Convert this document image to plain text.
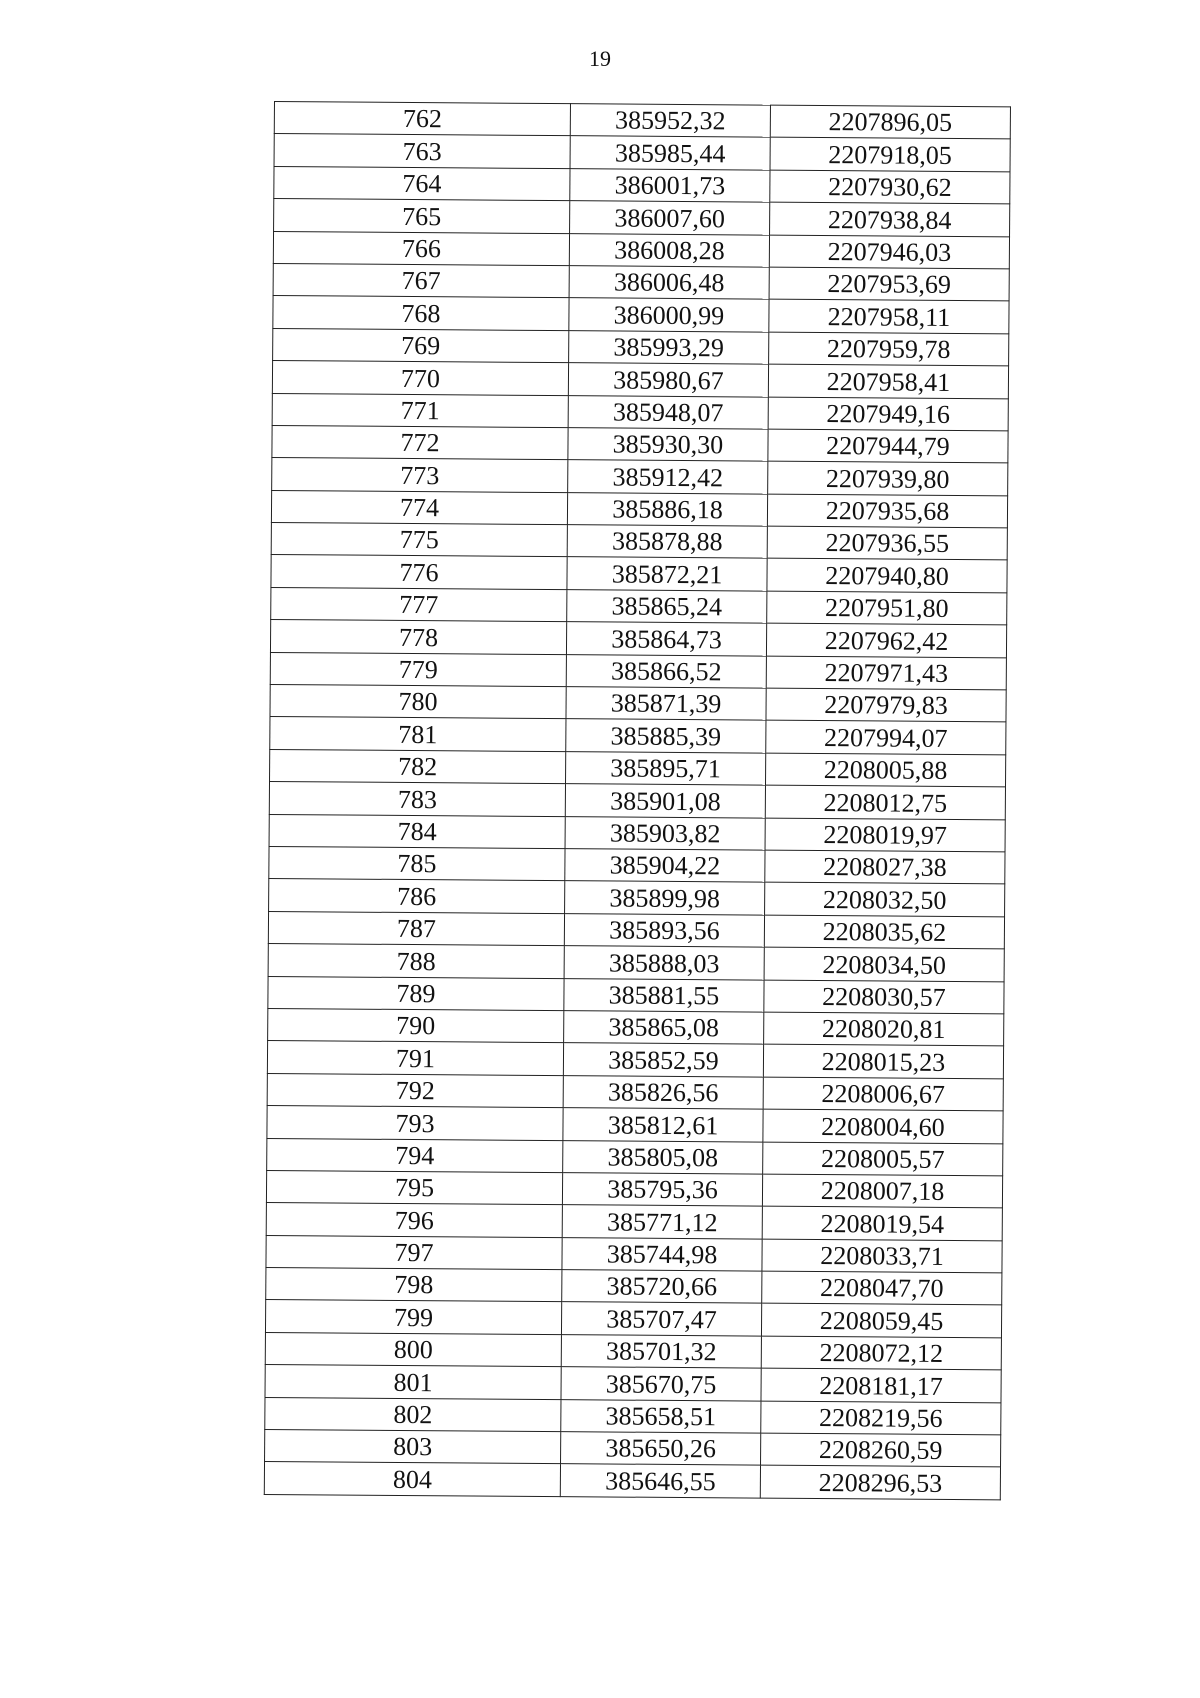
19
762	385952,32	2207896,05
763	385985,44	2207918,05
764	386001,73	2207930,62
765	386007,60	2207938,84
766	386008,28	2207946,03
767	386006,48	2207953,69
768	386000,99	2207958,11
769	385993,29	2207959,78
770	385980,67	2207958,41
771	385948,07	2207949,16
772	385930,30	2207944,79
773	385912,42	2207939,80
774	385886,18	2207935,68
775	385878,88	2207936,55
776	385872,21	2207940,80
777	385865,24	2207951,80
778	385864,73	2207962,42
779	385866,52	2207971,43
780	385871,39	2207979,83
781	385885,39	2207994,07
782	385895,71	2208005,88
783	385901,08	2208012,75
784	385903,82	2208019,97
785	385904,22	2208027,38
786	385899,98	2208032,50
787	385893,56	2208035,62
788	385888,03	2208034,50
789	385881,55	2208030,57
790	385865,08	2208020,81
791	385852,59	2208015,23
792	385826,56	2208006,67
793	385812,61	2208004,60
794	385805,08	2208005,57
795	385795,36	2208007,18
796	385771,12	2208019,54
797	385744,98	2208033,71
798	385720,66	2208047,70
799	385707,47	2208059,45
800	385701,32	2208072,12
801	385670,75	2208181,17
802	385658,51	2208219,56
803	385650,26	2208260,59
804	385646,55	2208296,53
